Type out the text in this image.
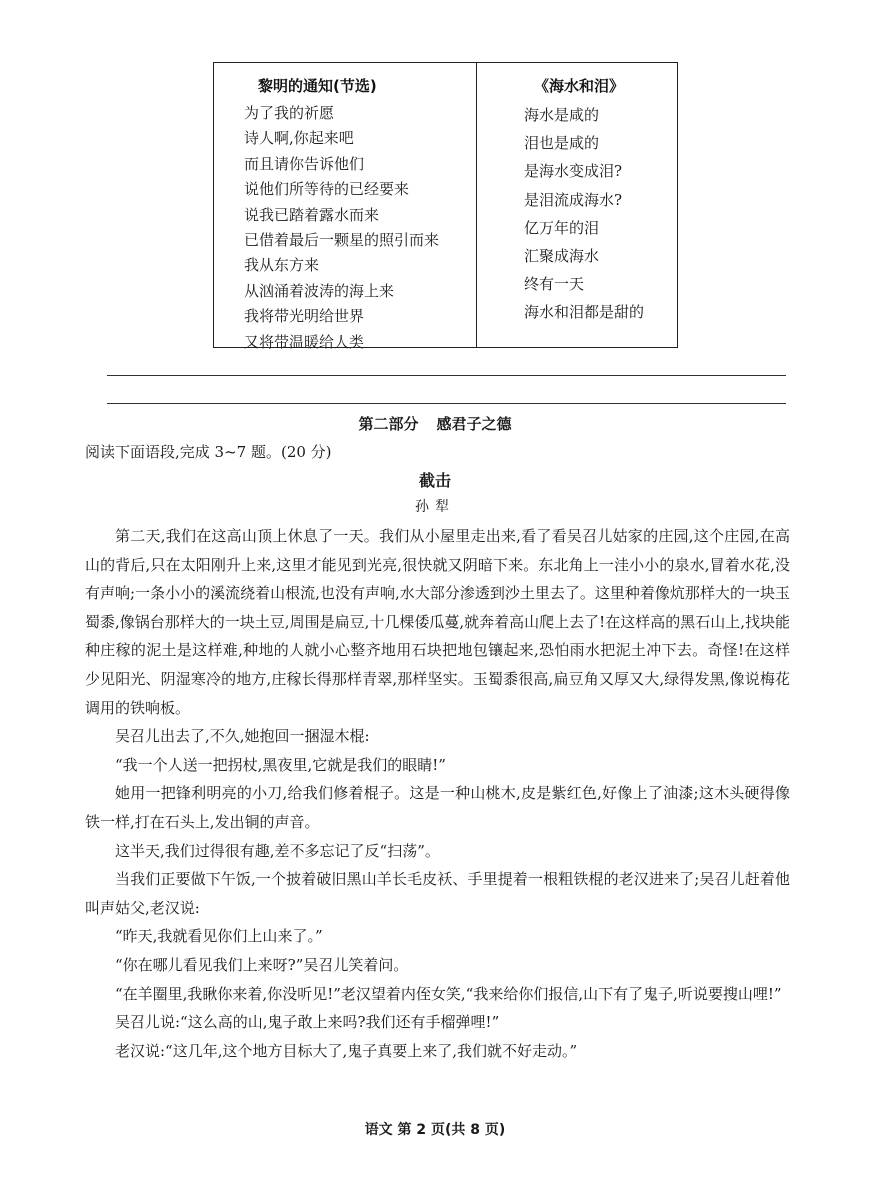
黎明的通知(节选)
为了我的祈愿
诗人啊,你起来吧
而且请你告诉他们
说他们所等待的已经要来
说我已踏着露水而来
已借着最后一颗星的照引而来
我从东方来
从汹涌着波涛的海上来
我将带光明给世界
又将带温暖给人类
《海水和泪》
海水是咸的
泪也是咸的
是海水变成泪?
是泪流成海水?
亿万年的泪
汇聚成海水
终有一天
海水和泪都是甜的
第二部分 感君子之德
阅读下面语段,完成 3~7 题。(20 分)
截击
孙犁

第二天,我们在这高山顶上休息了一天。我们从小屋里走出来,看了看吴召儿姑家的庄园,这个庄园,在高山的背后,只在太阳刚升上来,这里才能见到光亮,很快就又阴暗下来。东北角上一洼小小的泉水,冒着水花,没有声响;一条小小的溪流绕着山根流,也没有声响,水大部分渗透到沙土里去了。这里种着像炕那样大的一块玉蜀黍,像锅台那样大的一块土豆,周围是扁豆,十几棵倭瓜蔓,就奔着高山爬上去了!在这样高的黑石山上,找块能种庄稼的泥土是这样难,种地的人就小心整齐地用石块把地包镶起来,恐怕雨水把泥土冲下去。奇怪!在这样少见阳光、阴湿寒冷的地方,庄稼长得那样青翠,那样坚实。玉蜀黍很高,扁豆角又厚又大,绿得发黑,像说梅花调用的铁响板。

吴召儿出去了,不久,她抱回一捆湿木棍:

“我一个人送一把拐杖,黑夜里,它就是我们的眼睛!”

她用一把锋利明亮的小刀,给我们修着棍子。这是一种山桃木,皮是紫红色,好像上了油漆;这木头硬得像铁一样,打在石头上,发出铜的声音。

这半天,我们过得很有趣,差不多忘记了反“扫荡”。

当我们正要做下午饭,一个披着破旧黑山羊长毛皮袄、手里提着一根粗铁棍的老汉进来了;吴召儿赶着他叫声姑父,老汉说:

“昨天,我就看见你们上山来了。”

“你在哪儿看见我们上来呀?”吴召儿笑着问。

“在羊圈里,我瞅你来着,你没听见!”老汉望着内侄女笑,“我来给你们报信,山下有了鬼子,听说要搜山哩!”

吴召儿说:“这么高的山,鬼子敢上来吗?我们还有手榴弹哩!”

老汉说:“这几年,这个地方目标大了,鬼子真要上来了,我们就不好走动。”

语文 第 2 页(共 8 页)
